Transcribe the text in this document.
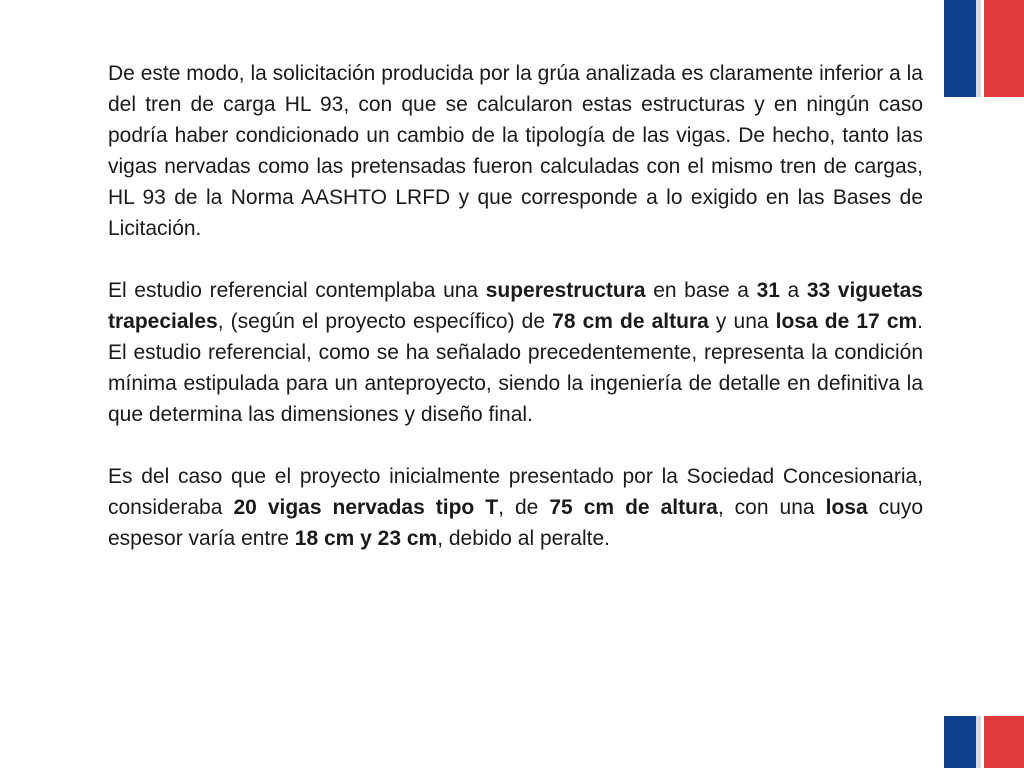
De este modo, la solicitación producida por la grúa analizada es claramente inferior a la del tren de carga HL 93, con que se calcularon estas estructuras y en ningún caso podría haber condicionado un cambio de la tipología de las vigas. De hecho, tanto las vigas nervadas como las pretensadas fueron calculadas con el mismo tren de cargas, HL 93 de la Norma AASHTO LRFD y que corresponde a lo exigido en las Bases de Licitación.

El estudio referencial contemplaba una superestructura en base a 31 a 33 viguetas trapeciales, (según el proyecto específico) de 78 cm de altura y una losa de 17 cm. El estudio referencial, como se ha señalado precedentemente, representa la condición mínima estipulada para un anteproyecto, siendo la ingeniería de detalle en definitiva la que determina las dimensiones y diseño final.

Es del caso que el proyecto inicialmente presentado por la Sociedad Concesionaria, consideraba 20 vigas nervadas tipo T, de 75 cm de altura, con una losa cuyo espesor varía entre 18 cm y 23 cm, debido al peralte.
